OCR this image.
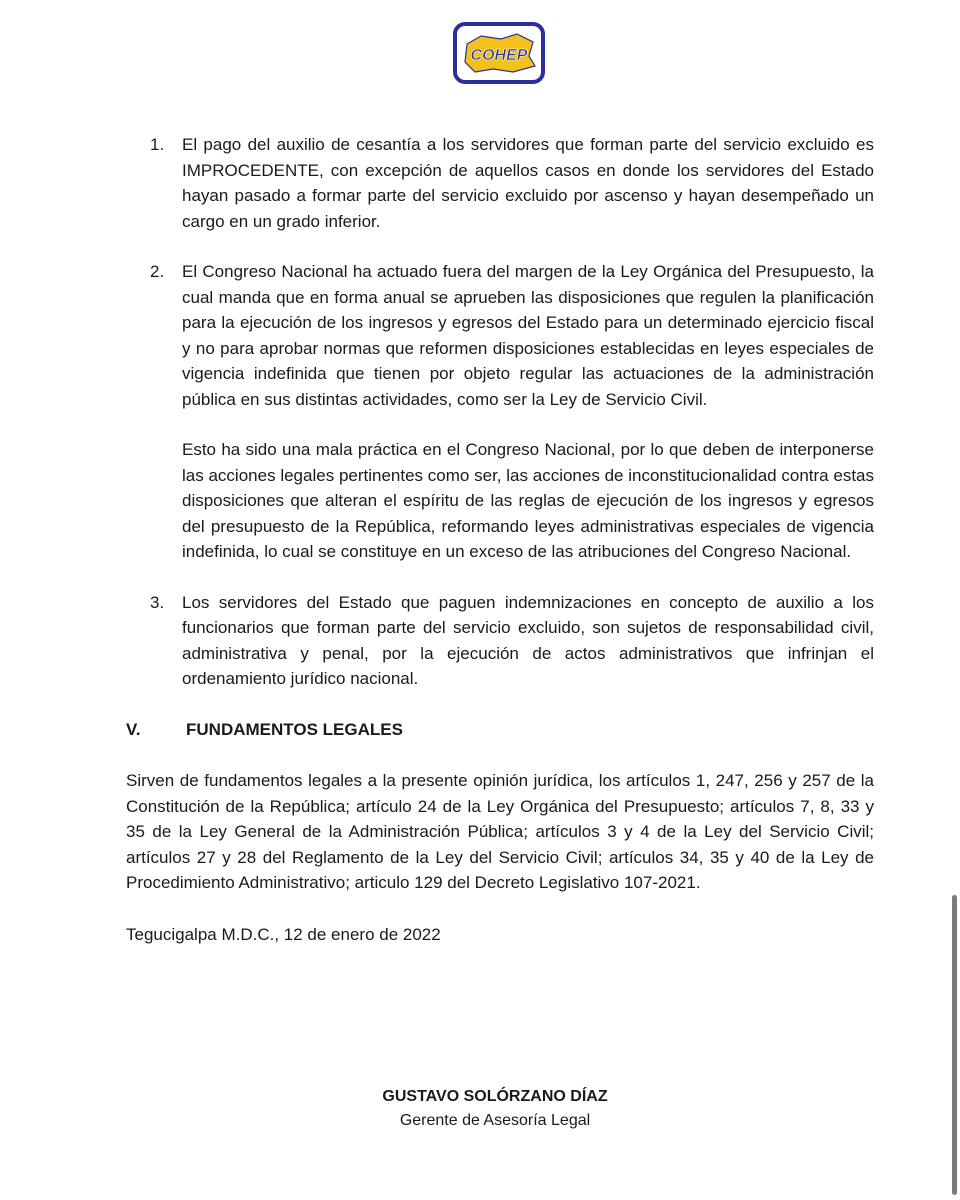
COHEP
1. El pago del auxilio de cesantía a los servidores que forman parte del servicio excluido es IMPROCEDENTE, con excepción de aquellos casos en donde los servidores del Estado hayan pasado a formar parte del servicio excluido por ascenso y hayan desempeñado un cargo en un grado inferior.

2. El Congreso Nacional ha actuado fuera del margen de la Ley Orgánica del Presupuesto, la cual manda que en forma anual se aprueben las disposiciones que regulen la planificación para la ejecución de los ingresos y egresos del Estado para un determinado ejercicio fiscal y no para aprobar normas que reformen disposiciones establecidas en leyes especiales de vigencia indefinida que tienen por objeto regular las actuaciones de la administración pública en sus distintas actividades, como ser la Ley de Servicio Civil.

Esto ha sido una mala práctica en el Congreso Nacional, por lo que deben de interponerse las acciones legales pertinentes como ser, las acciones de inconstitucionalidad contra estas disposiciones que alteran el espíritu de las reglas de ejecución de los ingresos y egresos del presupuesto de la República, reformando leyes administrativas especiales de vigencia indefinida, lo cual se constituye en un exceso de las atribuciones del Congreso Nacional.

3. Los servidores del Estado que paguen indemnizaciones en concepto de auxilio a los funcionarios que forman parte del servicio excluido, son sujetos de responsabilidad civil, administrativa y penal, por la ejecución de actos administrativos que infrinjan el ordenamiento jurídico nacional.

V.	FUNDAMENTOS LEGALES

Sirven de fundamentos legales a la presente opinión jurídica, los artículos 1, 247, 256 y 257 de la Constitución de la República; artículo 24 de la Ley Orgánica del Presupuesto; artículos 7, 8, 33 y 35 de la Ley General de la Administración Pública; artículos 3 y 4 de la Ley del Servicio Civil; artículos 27 y 28 del Reglamento de la Ley del Servicio Civil; artículos 34, 35 y 40 de la Ley de Procedimiento Administrativo; articulo 129 del Decreto Legislativo 107-2021.

Tegucigalpa M.D.C., 12 de enero de 2022

GUSTAVO SOLÓRZANO DÍAZ
Gerente de Asesoría Legal
